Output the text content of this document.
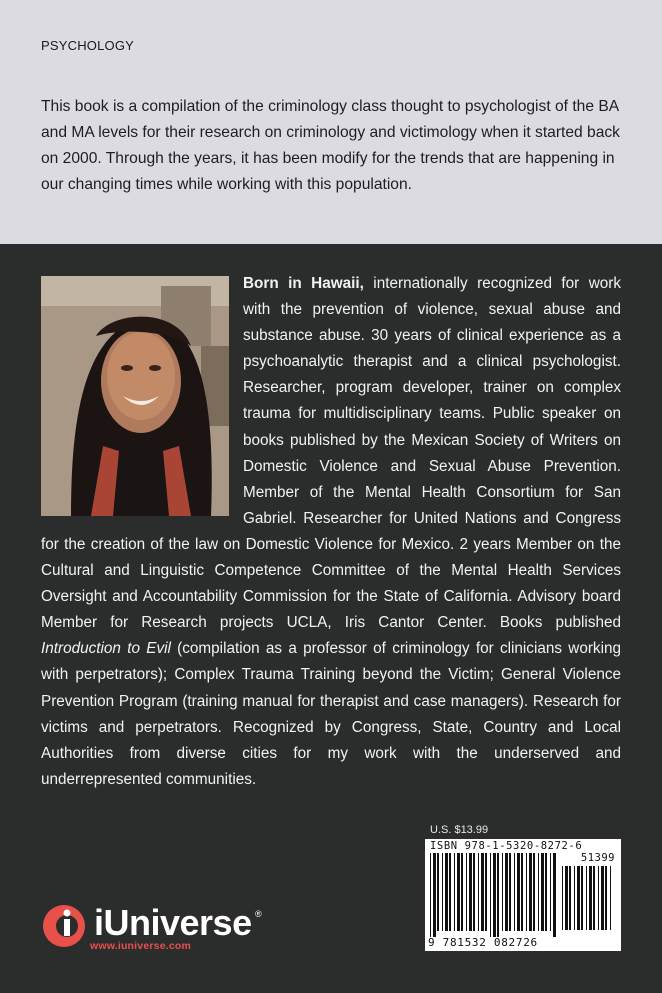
PSYCHOLOGY

This book is a compilation of the criminology class thought to psychologist of the BA and MA levels for their research on criminology and victimology when it started back on 2000. Through the years, it has been modify for the trends that are happening in our changing times while working with this population.

Born in Hawaii, internationally recognized for work with the prevention of violence, sexual abuse and substance abuse. 30 years of clinical experience as a psychoanalytic therapist and a clinical psychologist. Researcher, program developer, trainer on complex trauma for multidisciplinary teams. Public speaker on books published by the Mexican Society of Writers on Domestic Violence and Sexual Abuse Prevention. Member of the Mental Health Consortium for San Gabriel. Researcher for United Nations and Congress for the creation of the law on Domestic Violence for Mexico. 2 years Member on the Cultural and Linguistic Competence Committee of the Mental Health Services Oversight and Accountability Commission for the State of California. Advisory board Member for Research projects UCLA, Iris Cantor Center. Books published Introduction to Evil (compilation as a professor of criminology for clinicians working with perpetrators); Complex Trauma Training beyond the Victim; General Violence Prevention Program (training manual for therapist and case managers). Research for victims and perpetrators. Recognized by Congress, State, Country and Local Authorities from diverse cities for my work with the underserved and underrepresented communities.

U.S. $13.99
ISBN 978-1-5320-8272-6
51399
9 781532 082726
iUniverse ®
www.iuniverse.com
